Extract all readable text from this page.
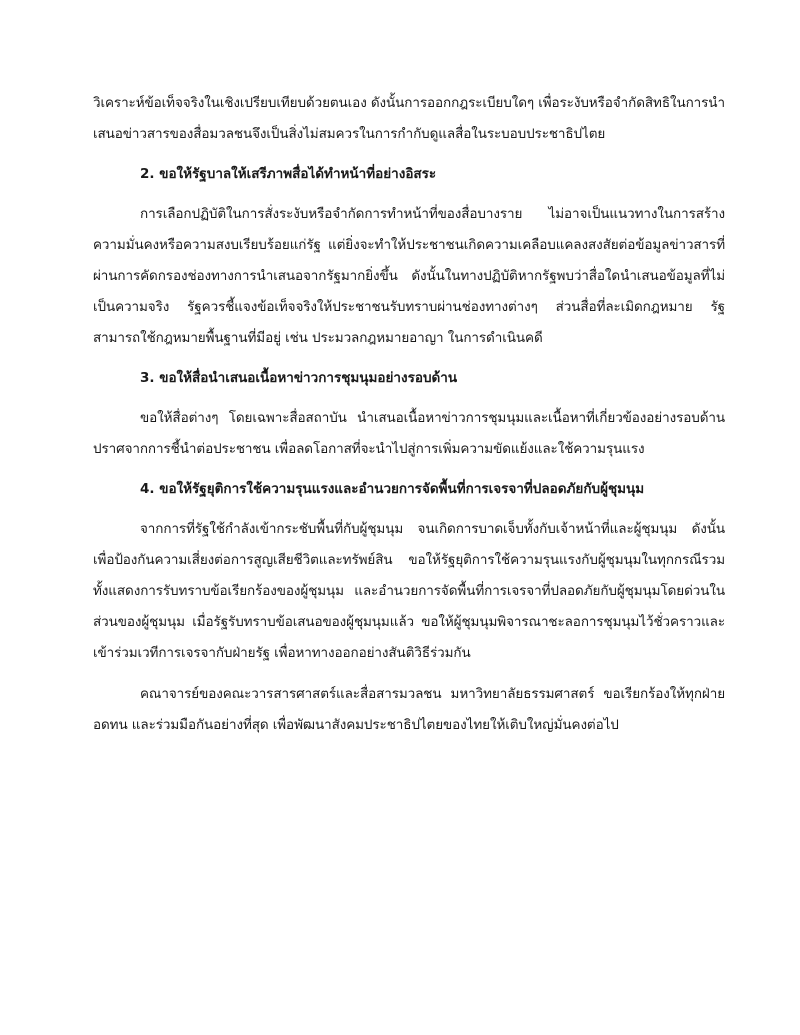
วิเคราะห์ข้อเท็จจริงในเชิงเปรียบเทียบด้วยตนเอง ดังนั้นการออกกฎระเบียบใดๆ เพื่อระงับหรือจำกัดสิทธิในการนำเสนอข่าวสารของสื่อมวลชนจึงเป็นสิ่งไม่สมควรในการกำกับดูแลสื่อในระบอบประชาธิปไตย

2. ขอให้รัฐบาลให้เสรีภาพสื่อได้ทำหน้าที่อย่างอิสระ

การเลือกปฏิบัติในการสั่งระงับหรือจำกัดการทำหน้าที่ของสื่อบางราย ไม่อาจเป็นแนวทางในการสร้างความมั่นคงหรือความสงบเรียบร้อยแก่รัฐ แต่ยิ่งจะทำให้ประชาชนเกิดความเคลือบแคลงสงสัยต่อข้อมูลข่าวสารที่ผ่านการคัดกรองช่องทางการนำเสนอจากรัฐมากยิ่งขึ้น ดังนั้นในทางปฏิบัติหากรัฐพบว่าสื่อใดนำเสนอข้อมูลที่ไม่เป็นความจริง รัฐควรชี้แจงข้อเท็จจริงให้ประชาชนรับทราบผ่านช่องทางต่างๆ ส่วนสื่อที่ละเมิดกฎหมาย รัฐสามารถใช้กฎหมายพื้นฐานที่มีอยู่ เช่น ประมวลกฎหมายอาญา ในการดำเนินคดี

3. ขอให้สื่อนำเสนอเนื้อหาข่าวการชุมนุมอย่างรอบด้าน

ขอให้สื่อต่างๆ โดยเฉพาะสื่อสถาบัน นำเสนอเนื้อหาข่าวการชุมนุมและเนื้อหาที่เกี่ยวข้องอย่างรอบด้านปราศจากการชี้นำต่อประชาชน เพื่อลดโอกาสที่จะนำไปสู่การเพิ่มความขัดแย้งและใช้ความรุนแรง

4. ขอให้รัฐยุติการใช้ความรุนแรงและอำนวยการจัดพื้นที่การเจรจาที่ปลอดภัยกับผู้ชุมนุม

จากการที่รัฐใช้กำลังเข้ากระชับพื้นที่กับผู้ชุมนุม จนเกิดการบาดเจ็บทั้งกับเจ้าหน้าที่และผู้ชุมนุม ดังนั้นเพื่อป้องกันความเสี่ยงต่อการสูญเสียชีวิตและทรัพย์สิน ขอให้รัฐยุติการใช้ความรุนแรงกับผู้ชุมนุมในทุกกรณีรวมทั้งแสดงการรับทราบข้อเรียกร้องของผู้ชุมนุม และอำนวยการจัดพื้นที่การเจรจาที่ปลอดภัยกับผู้ชุมนุมโดยด่วนในส่วนของผู้ชุมนุม เมื่อรัฐรับทราบข้อเสนอของผู้ชุมนุมแล้ว ขอให้ผู้ชุมนุมพิจารณาชะลอการชุมนุมไว้ชั่วคราวและเข้าร่วมเวทีการเจรจากับฝ่ายรัฐ เพื่อหาทางออกอย่างสันติวิธีร่วมกัน

คณาจารย์ของคณะวารสารศาสตร์และสื่อสารมวลชน มหาวิทยาลัยธรรมศาสตร์ ขอเรียกร้องให้ทุกฝ่ายอดทน และร่วมมือกันอย่างที่สุด เพื่อพัฒนาสังคมประชาธิปไตยของไทยให้เติบใหญ่มั่นคงต่อไป
